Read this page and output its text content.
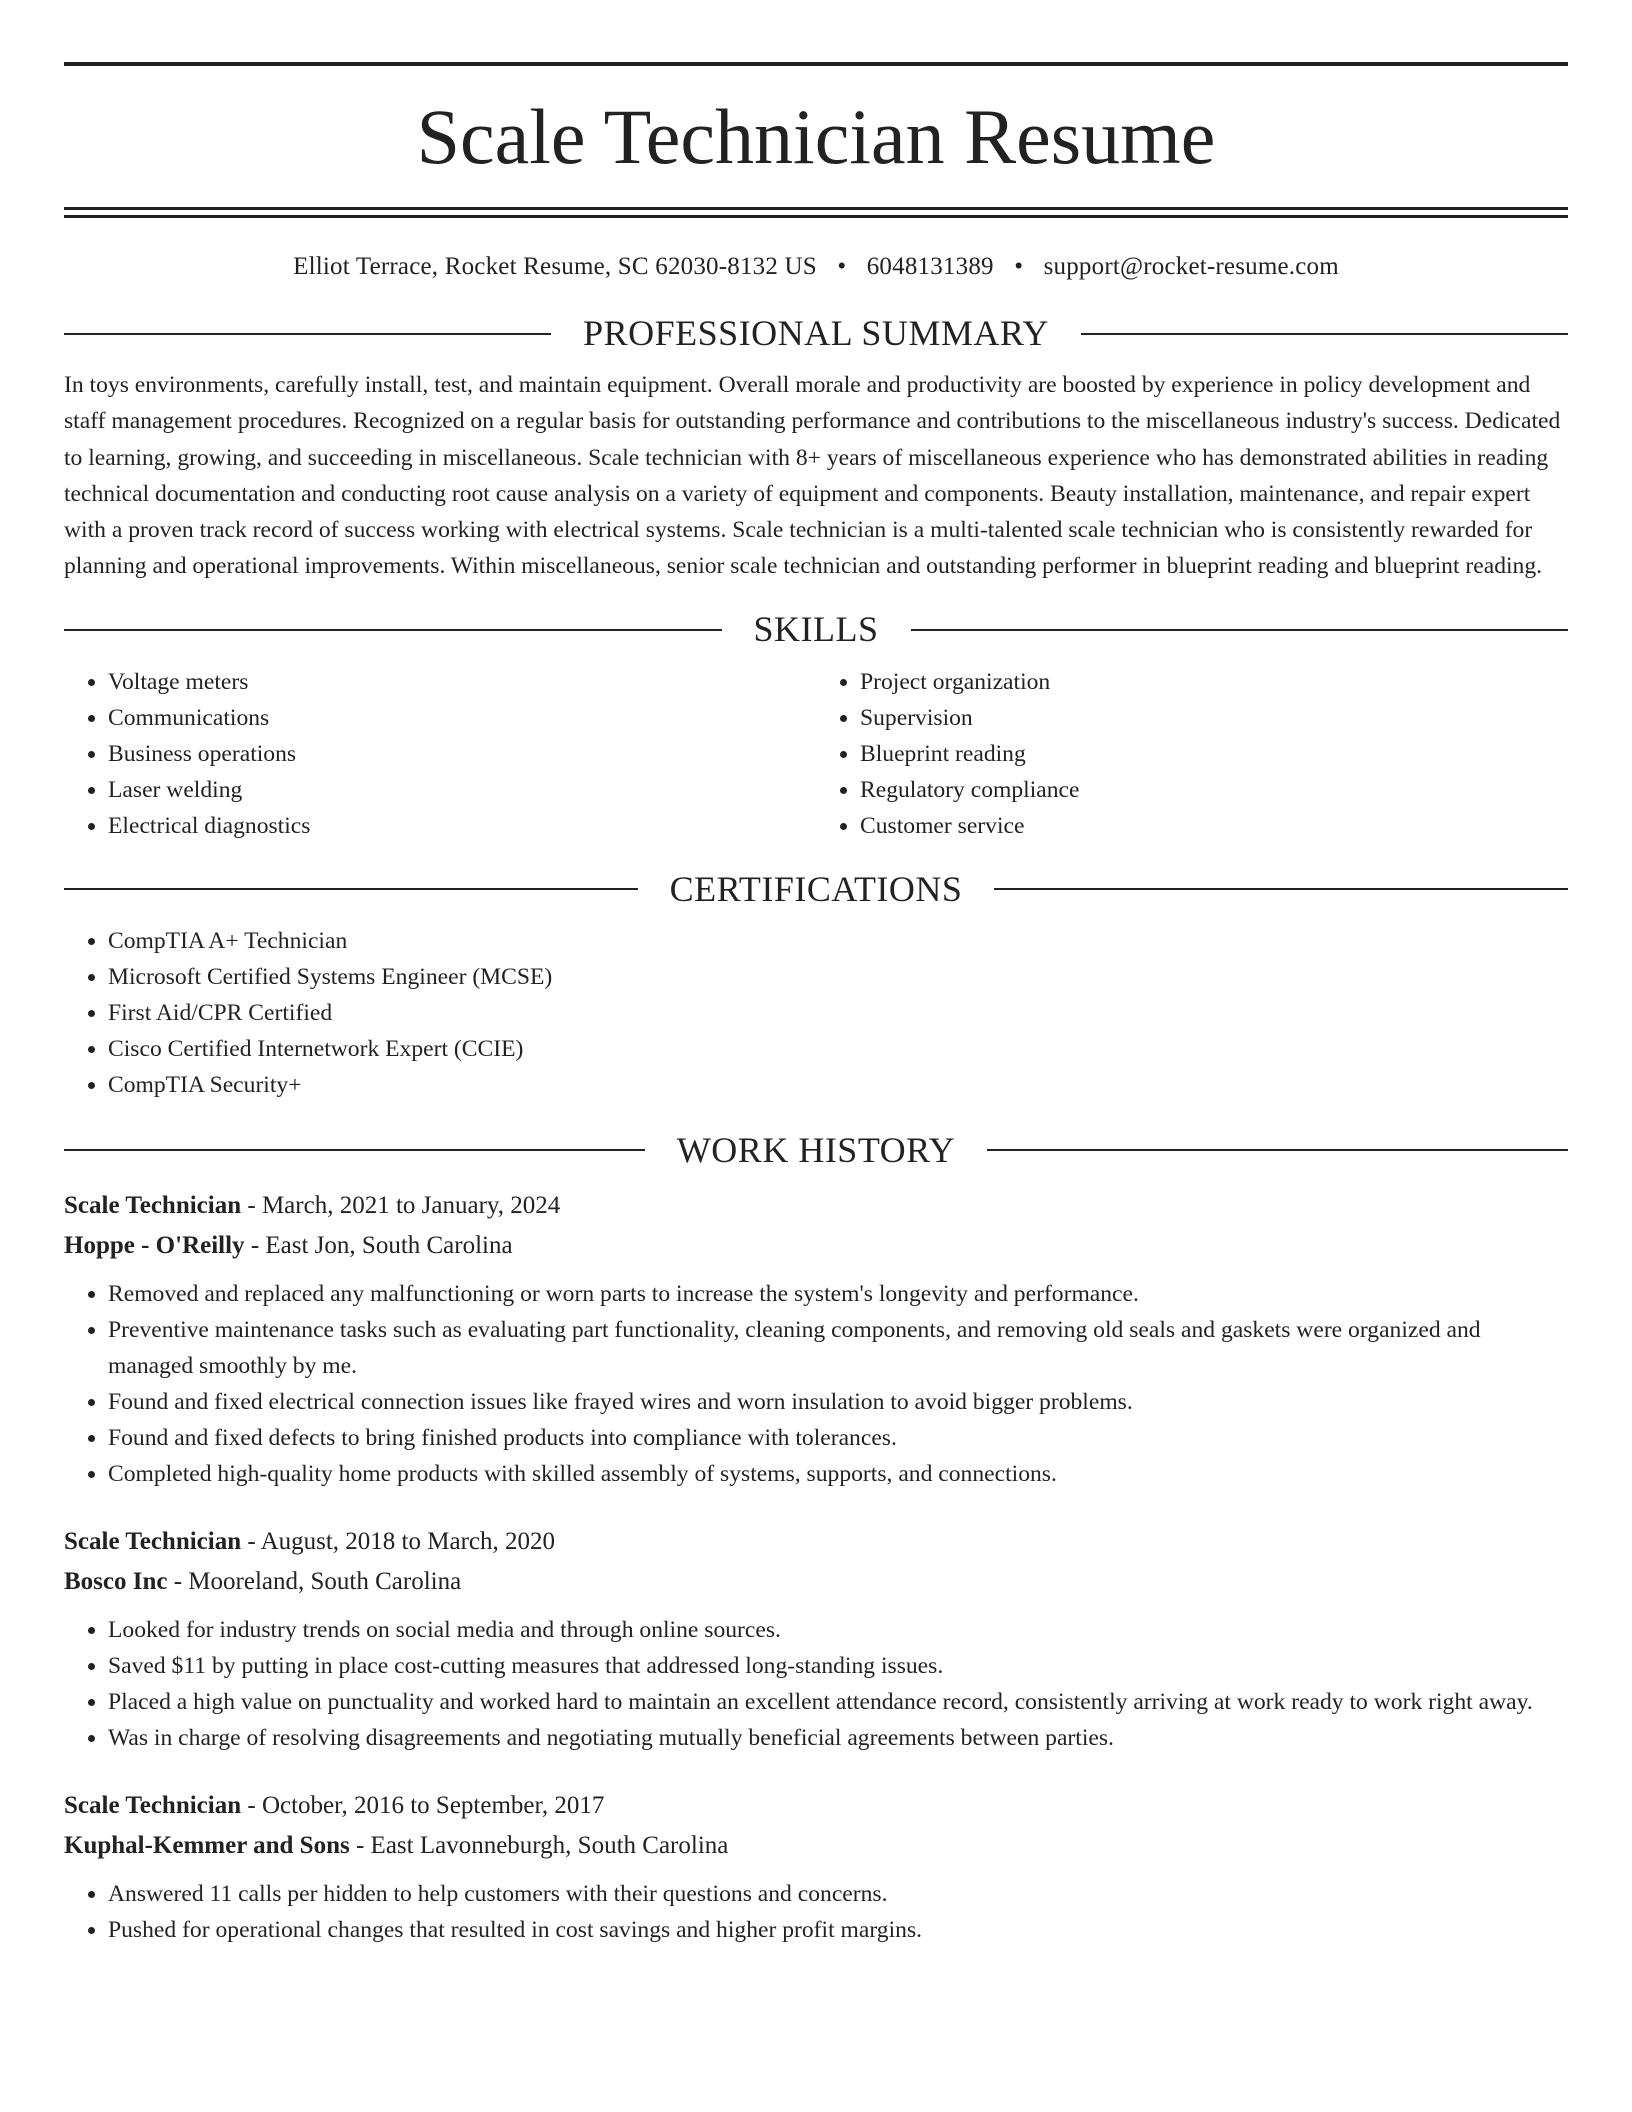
Scale Technician Resume
Elliot Terrace, Rocket Resume, SC 62030-8132 US • 6048131389 • support@rocket-resume.com
PROFESSIONAL SUMMARY

In toys environments, carefully install, test, and maintain equipment. Overall morale and productivity are boosted by experience in policy development and staff management procedures. Recognized on a regular basis for outstanding performance and contributions to the miscellaneous industry's success. Dedicated to learning, growing, and succeeding in miscellaneous. Scale technician with 8+ years of miscellaneous experience who has demonstrated abilities in reading technical documentation and conducting root cause analysis on a variety of equipment and components. Beauty installation, maintenance, and repair expert with a proven track record of success working with electrical systems. Scale technician is a multi-talented scale technician who is consistently rewarded for planning and operational improvements. Within miscellaneous, senior scale technician and outstanding performer in blueprint reading and blueprint reading.

SKILLS
• Voltage meters
• Communications
• Business operations
• Laser welding
• Electrical diagnostics
• Project organization
• Supervision
• Blueprint reading
• Regulatory compliance
• Customer service
CERTIFICATIONS
• CompTIA A+ Technician
• Microsoft Certified Systems Engineer (MCSE)
• First Aid/CPR Certified
• Cisco Certified Internetwork Expert (CCIE)
• CompTIA Security+
WORK HISTORY
Scale Technician - March, 2021 to January, 2024
Hoppe - O'Reilly - East Jon, South Carolina
• Removed and replaced any malfunctioning or worn parts to increase the system's longevity and performance.
• Preventive maintenance tasks such as evaluating part functionality, cleaning components, and removing old seals and gaskets were organized and managed smoothly by me.
• Found and fixed electrical connection issues like frayed wires and worn insulation to avoid bigger problems.
• Found and fixed defects to bring finished products into compliance with tolerances.
• Completed high-quality home products with skilled assembly of systems, supports, and connections.
Scale Technician - August, 2018 to March, 2020
Bosco Inc - Mooreland, South Carolina
• Looked for industry trends on social media and through online sources.
• Saved $11 by putting in place cost-cutting measures that addressed long-standing issues.
• Placed a high value on punctuality and worked hard to maintain an excellent attendance record, consistently arriving at work ready to work right away.
• Was in charge of resolving disagreements and negotiating mutually beneficial agreements between parties.
Scale Technician - October, 2016 to September, 2017
Kuphal-Kemmer and Sons - East Lavonneburgh, South Carolina
• Answered 11 calls per hidden to help customers with their questions and concerns.
• Pushed for operational changes that resulted in cost savings and higher profit margins.
